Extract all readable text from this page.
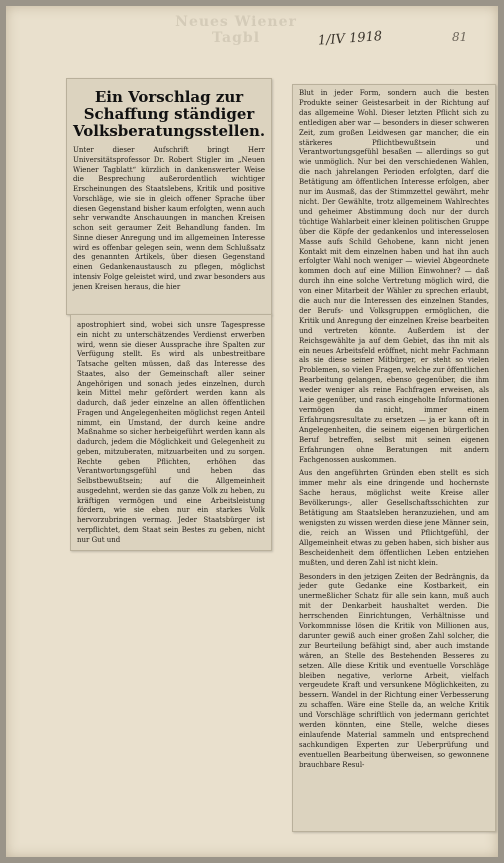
Neues Wiener Tagbl	1/IV 1918	81
Ein Vorschlag zur Schaffung ständiger Volksberatungsstellen.
Unter dieser Aufschrift bringt Herr Universitätsprofessor Dr. Robert Stigler im „Neuen Wiener Tagblatt“ kürzlich in dankenswerter Weise die Besprechung außerordentlich wichtiger Erscheinungen des Staatslebens, Kritik und positive Vorschläge, wie sie in gleich offener Sprache über diesen Gegenstand bisher kaum erfolgten, wenn auch sehr verwandte Anschauungen in manchen Kreisen schon seit geraumer Zeit Behandlung fanden. Im Sinne dieser Anregung und im allgemeinen Interesse wird es offenbar gelegen sein, wenn dem Schlußsatz des genannten Artikels, über diesen Gegenstand einen Gedankenaustausch zu pflegen, möglichst intensiv Folge geleistet wird, und zwar besonders aus jenen Kreisen heraus, die hier
apostrophiert sind, wobei sich unsre Tagespresse ein nicht zu unterschätzendes Verdienst erwerben wird, wenn sie dieser Aussprache ihre Spalten zur Verfügung stellt. Es wird als unbestreitbare Tatsache gelten müssen, daß das Interesse des Staates, also der Gemeinschaft aller seiner Angehörigen und sonach jedes einzelnen, durch kein Mittel mehr gefördert werden kann als dadurch, daß jeder einzelne an allen öffentlichen Fragen und Angelegenheiten möglichst regen Anteil nimmt, ein Umstand, der durch keine andre Maßnahme so sicher herbeigeführt werden kann als dadurch, jedem die Möglichkeit und Gelegenheit zu geben, mitzuberaten, mitzuarbeiten und zu sorgen. Rechte geben Pflichten, erhöhen das Verantwortungsgefühl und heben das Selbstbewußtsein; auf die Allgemeinheit ausgedehnt, werden sie das ganze Volk zu heben, zu kräftigen vermögen und eine Arbeitsleistung fördern, wie sie eben nur ein starkes Volk hervorzubringen vermag. Jeder Staatsbürger ist verpflichtet, dem Staat sein Bestes zu geben, nicht nur Gut und
Blut in jeder Form, sondern auch die besten Produkte seiner Geistesarbeit in der Richtung auf das allgemeine Wohl. Dieser letzten Pflicht sich zu entledigen aber war — besonders in dieser schweren Zeit, zum großen Leidwesen gar mancher, die ein stärkeres Pflichtbewußtsein und Verantwortungsgefühl besaßen — allerdings so gut wie unmöglich. Nur bei den verschiedenen Wahlen, die nach jahrelangen Perioden erfolgten, darf die Betätigung am öffentlichen Interesse erfolgen, aber nur im Ausmaß, das der Stimmzettel gewährt, mehr nicht. Der Gewählte, trotz allgemeinem Wahlrechtes und geheimer Abstimmung doch nur der durch tüchtige Wahlarbeit einer kleinen politischen Gruppe über die Köpfe der gedankenlos und interesselosen Masse aufs Schild Gehobene, kann nicht jenen Kontakt mit dem einzelnen haben und hat ihn auch erfolgter Wahl noch weniger — wieviel Abgeordnete kommen doch auf eine Million Einwohner? — daß durch ihn eine solche Vertretung möglich wird, die von einer Mitarbeit der Wähler zu sprechen erlaubt, die auch nur die Interessen des einzelnen Standes, der Berufs- und Volksgruppen ermöglichen, die Kritik und Anregung der einzelnen Kreise bearbeiten und vertreten könnte. Außerdem ist der Reichsgewählte ja auf dem Gebiet, das ihn mit als ein neues Arbeitsfeld eröffnet, nicht mehr Fachmann als sie diese seiner Mitbürger, er steht so vielen Problemen, so vielen Fragen, welche zur öffentlichen Bearbeitung gelangen, ebenso gegenüber, die ihm weder weniger als reine Fachfragen erweisen, als Laie gegenüber, und rasch eingeholte Informationen vermögen da nicht, immer einem Erfahrungsresultate zu ersetzen — ja er kann oft in Angelegenheiten, die seinem eigenen bürgerlichen Beruf betreffen, selbst mit seinen eigenen Erfahrungen ohne Beratungen mit andern Fachgenossen auskommen.
Aus den angeführten Gründen eben stellt es sich immer mehr als eine dringende und hochernste Sache heraus, möglichst weite Kreise aller Bevölkerungs-, aller Gesellschaftsschichten zur Betätigung am Staatsleben heranzuziehen, und am wenigsten zu wissen werden diese jene Männer sein, die, reich an Wissen und Pflichtgefühl, der Allgemeinheit etwas zu geben haben, sich bisher aus Bescheidenheit dem öffentlichen Leben entziehen mußten, und deren Zahl ist nicht klein.
Besonders in den jetzigen Zeiten der Bedrängnis, da jeder gute Gedanke eine Kostbarkeit, ein unermeßlicher Schatz für alle sein kann, muß auch mit der Denkarbeit haushaltet werden. Die herrschenden Einrichtungen, Verhältnisse und Vorkommnisse lösen die Kritik von Millionen aus, darunter gewiß auch einer großen Zahl solcher, die zur Beurteilung befähigt sind, aber auch imstande wären, an Stelle des Bestehenden Besseres zu setzen. Alle diese Kritik und eventuelle Vorschläge bleiben negative, verlorne Arbeit, vielfach vergeudete Kraft und versunkene Möglichkeiten, zu bessern. Wandel in der Richtung einer Verbesserung zu schaffen. Wäre eine Stelle da, an welche Kritik und Vorschläge schriftlich von jedermann gerichtet werden könnten, eine Stelle, welche dieses einlaufende Material sammeln und entsprechend sachkundigen Experten zur Ueberprüfung und eventuellen Bearbeitung überweisen, so gewonnene brauchbare Resul-
